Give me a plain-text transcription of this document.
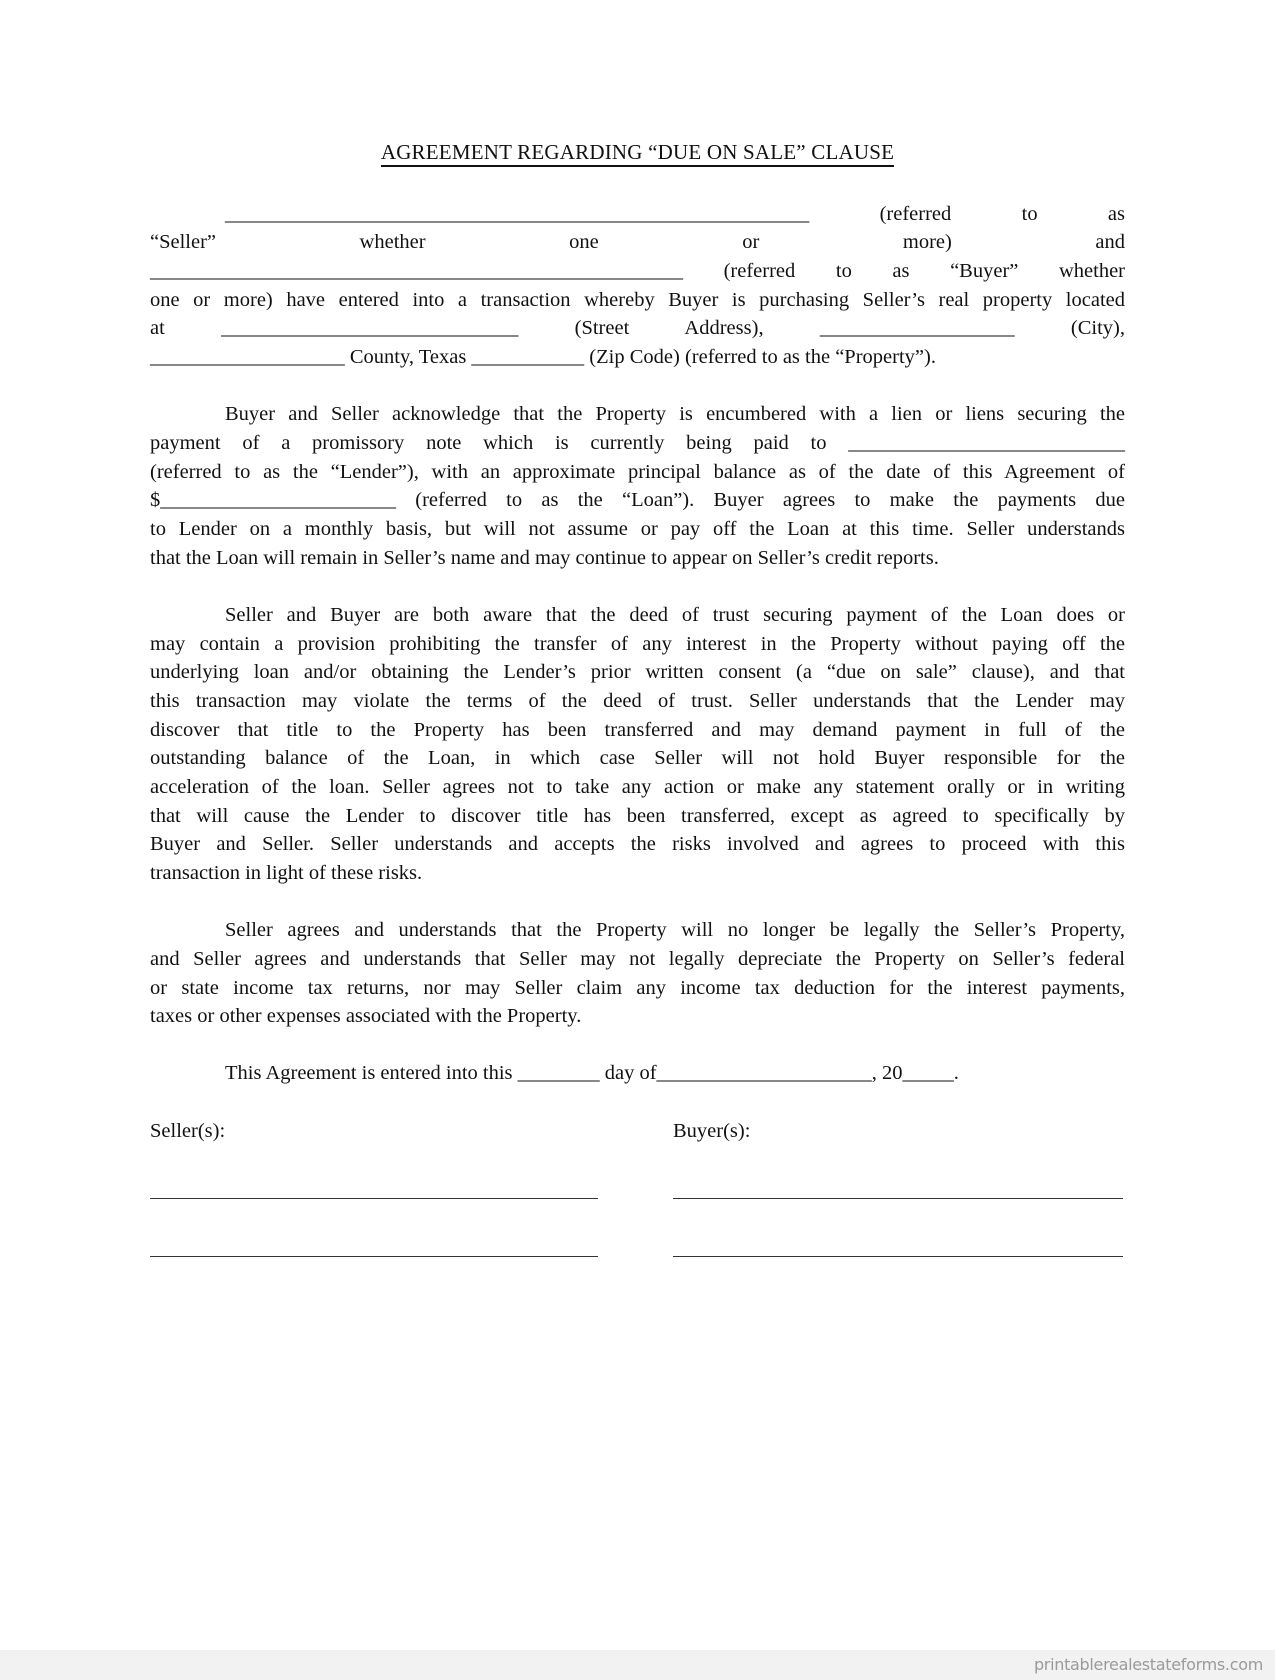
AGREEMENT REGARDING “DUE ON SALE” CLAUSE
_________________________________________________________ (referred to as
“Seller” whether one or more) and
____________________________________________________ (referred to as “Buyer” whether
one or more) have entered into a transaction whereby Buyer is purchasing Seller’s real property located
at _____________________________ (Street Address), ___________________ (City),
___________________ County, Texas ___________ (Zip Code) (referred to as the “Property”).
Buyer and Seller acknowledge that the Property is encumbered with a lien or liens securing the
payment of a promissory note which is currently being paid to ___________________________
(referred to as the “Lender”), with an approximate principal balance as of the date of this Agreement of
$_______________________ (referred to as the “Loan”). Buyer agrees to make the payments due
to Lender on a monthly basis, but will not assume or pay off the Loan at this time. Seller understands
that the Loan will remain in Seller’s name and may continue to appear on Seller’s credit reports.
Seller and Buyer are both aware that the deed of trust securing payment of the Loan does or
may contain a provision prohibiting the transfer of any interest in the Property without paying off the
underlying loan and/or obtaining the Lender’s prior written consent (a “due on sale” clause), and that
this transaction may violate the terms of the deed of trust. Seller understands that the Lender may
discover that title to the Property has been transferred and may demand payment in full of the
outstanding balance of the Loan, in which case Seller will not hold Buyer responsible for the
acceleration of the loan. Seller agrees not to take any action or make any statement orally or in writing
that will cause the Lender to discover title has been transferred, except as agreed to specifically by
Buyer and Seller. Seller understands and accepts the risks involved and agrees to proceed with this
transaction in light of these risks.
Seller agrees and understands that the Property will no longer be legally the Seller’s Property,
and Seller agrees and understands that Seller may not legally depreciate the Property on Seller’s federal
or state income tax returns, nor may Seller claim any income tax deduction for the interest payments,
taxes or other expenses associated with the Property.
This Agreement is entered into this ________ day of_____________________, 20_____.
Seller(s):	Buyer(s):
printablerealestateforms.com
